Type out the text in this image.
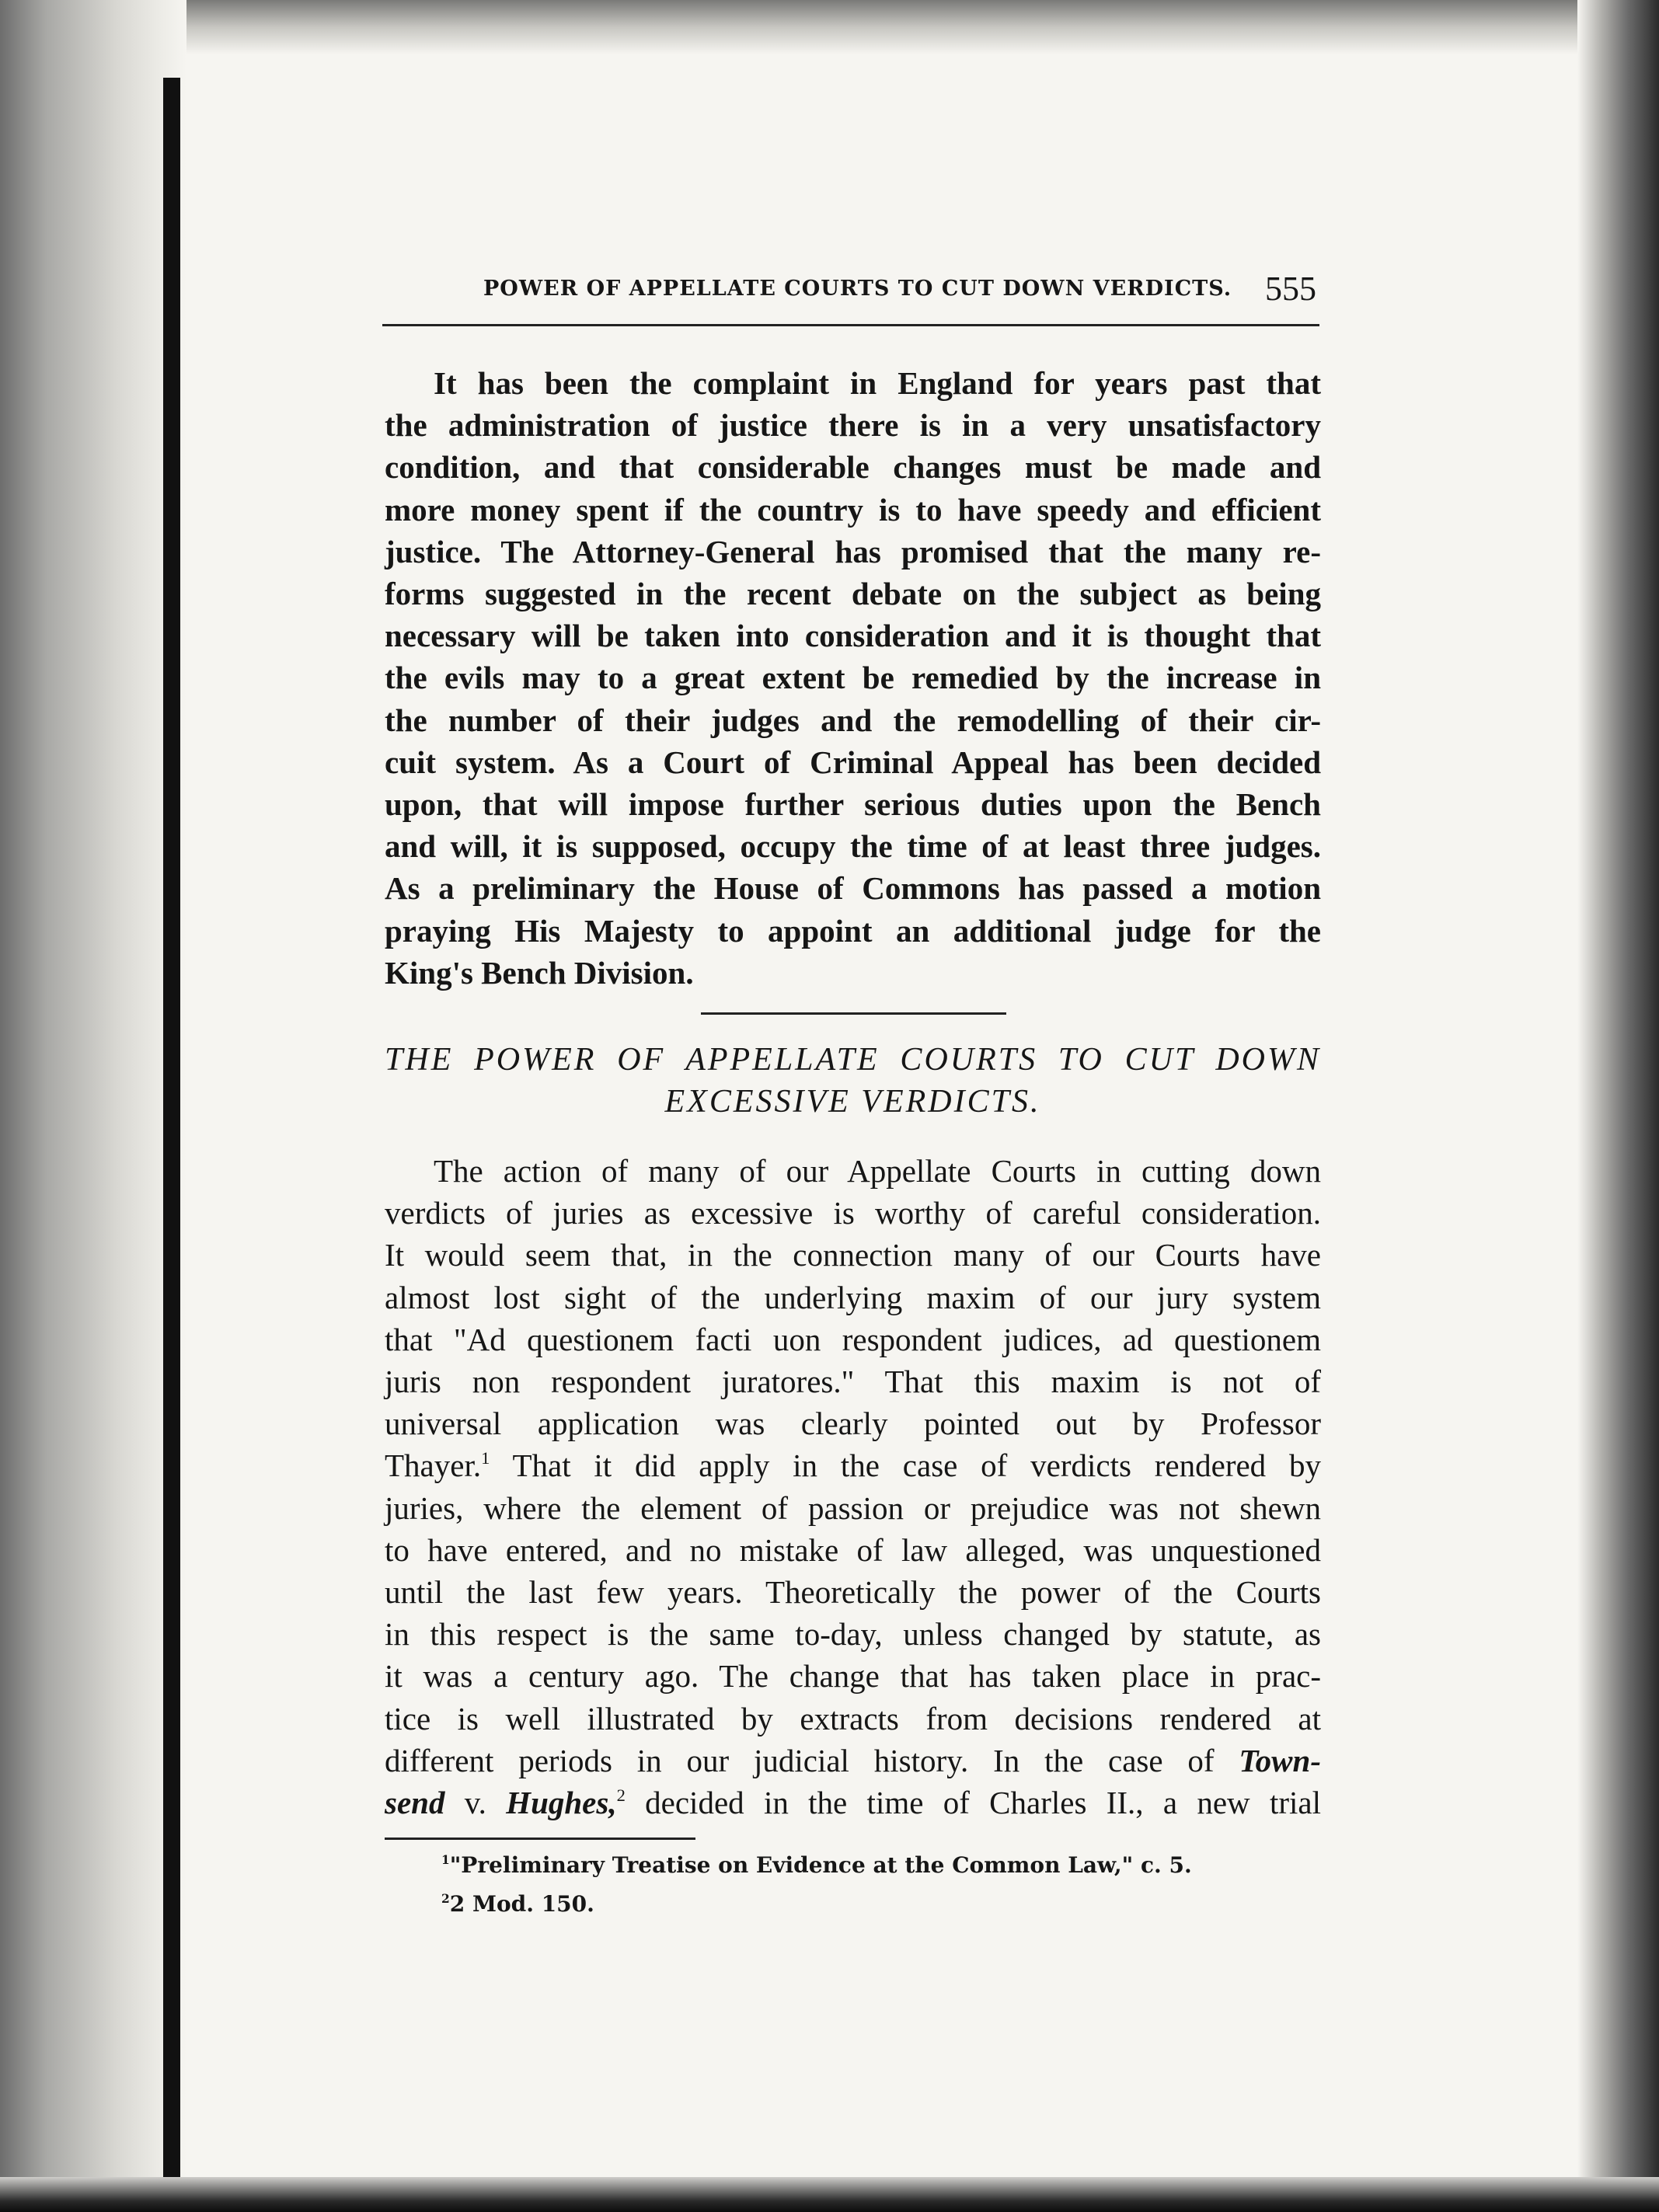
POWER OF APPELLATE COURTS TO CUT DOWN VERDICTS. 555
It has been the complaint in England for years past that
the administration of justice there is in a very unsatisfactory
condition, and that considerable changes must be made and
more money spent if the country is to have speedy and efficient
justice. The Attorney-General has promised that the many re-
forms suggested in the recent debate on the subject as being
necessary will be taken into consideration and it is thought that
the evils may to a great extent be remedied by the increase in
the number of their judges and the remodelling of their cir-
cuit system. As a Court of Criminal Appeal has been decided
upon, that will impose further serious duties upon the Bench
and will, it is supposed, occupy the time of at least three judges.
As a preliminary the House of Commons has passed a motion
praying His Majesty to appoint an additional judge for the
King's Bench Division.
THE POWER OF APPELLATE COURTS TO CUT DOWN
EXCESSIVE VERDICTS.
The action of many of our Appellate Courts in cutting down
verdicts of juries as excessive is worthy of careful consideration.
It would seem that, in the connection many of our Courts have
almost lost sight of the underlying maxim of our jury system
that "Ad questionem facti uon respondent judices, ad questionem
juris non respondent juratores." That this maxim is not of
universal application was clearly pointed out by Professor
Thayer.$^1$ That it did apply in the case of verdicts rendered by
juries, where the element of passion or prejudice was not shewn
to have entered, and no mistake of law alleged, was unquestioned
until the last few years. Theoretically the power of the Courts
in this respect is the same to-day, unless changed by statute, as
it was a century ago. The change that has taken place in prac-
tice is well illustrated by extracts from decisions rendered at
different periods in our judicial history. In the case of Town-
send v. Hughes,$^2$ decided in the time of Charles II., a new trial
$^1$"Preliminary Treatise on Evidence at the Common Law," c. 5.
$^2$2 Mod. 150.
